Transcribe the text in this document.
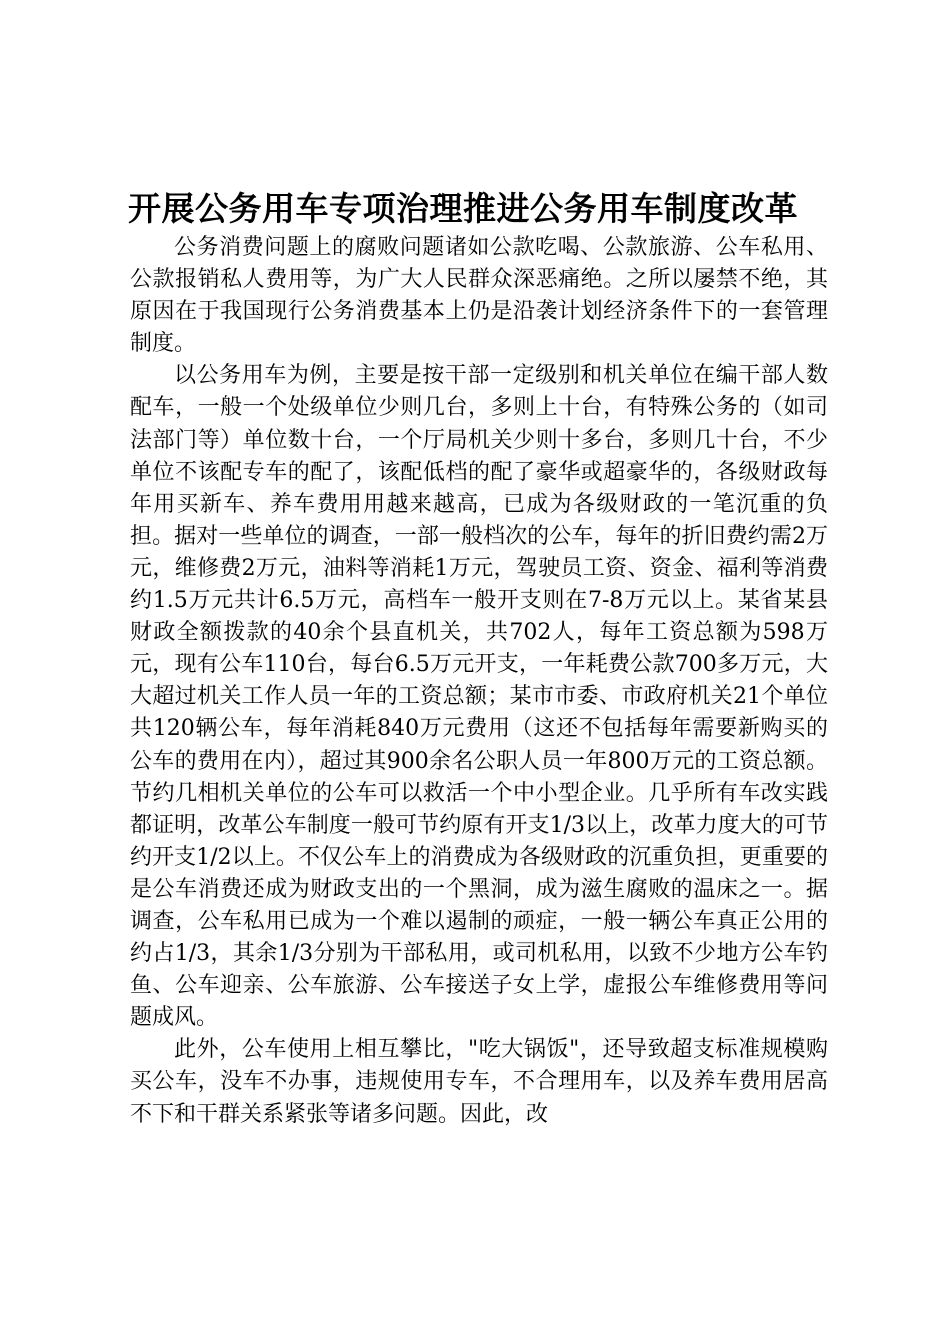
开展公务用车专项治理推进公务用车制度改革

公务消费问题上的腐败问题诸如公款吃喝、公款旅游、公车私用、公款报销私人费用等，为广大人民群众深恶痛绝。之所以屡禁不绝，其原因在于我国现行公务消费基本上仍是沿袭计划经济条件下的一套管理制度。

以公务用车为例，主要是按干部一定级别和机关单位在编干部人数配车，一般一个处级单位少则几台，多则上十台，有特殊公务的（如司法部门等）单位数十台，一个厅局机关少则十多台，多则几十台，不少单位不该配专车的配了，该配低档的配了豪华或超豪华的，各级财政每年用买新车、养车费用用越来越高，已成为各级财政的一笔沉重的负担。据对一些单位的调查，一部一般档次的公车，每年的折旧费约需2万元，维修费2万元，油料等消耗1万元，驾驶员工资、资金、福利等消费约1.5万元共计6.5万元，高档车一般开支则在7-8万元以上。某省某县财政全额拨款的40余个县直机关，共702人，每年工资总额为598万元，现有公车110台，每台6.5万元开支，一年耗费公款700多万元，大大超过机关工作人员一年的工资总额；某市市委、市政府机关21个单位共120辆公车，每年消耗840万元费用（这还不包括每年需要新购买的公车的费用在内），超过其900余名公职人员一年800万元的工资总额。节约几相机关单位的公车可以救活一个中小型企业。几乎所有车改实践都证明，改革公车制度一般可节约原有开支1/3以上，改革力度大的可节约开支1/2以上。不仅公车上的消费成为各级财政的沉重负担，更重要的是公车消费还成为财政支出的一个黑洞，成为滋生腐败的温床之一。据调查，公车私用已成为一个难以遏制的顽症，一般一辆公车真正公用的约占1/3，其余1/3分别为干部私用，或司机私用，以致不少地方公车钓鱼、公车迎亲、公车旅游、公车接送子女上学，虚报公车维修费用等问题成风。

此外，公车使用上相互攀比，"吃大锅饭"，还导致超支标准规模购买公车，没车不办事，违规使用专车，不合理用车，以及养车费用居高不下和干群关系紧张等诸多问题。因此，改
